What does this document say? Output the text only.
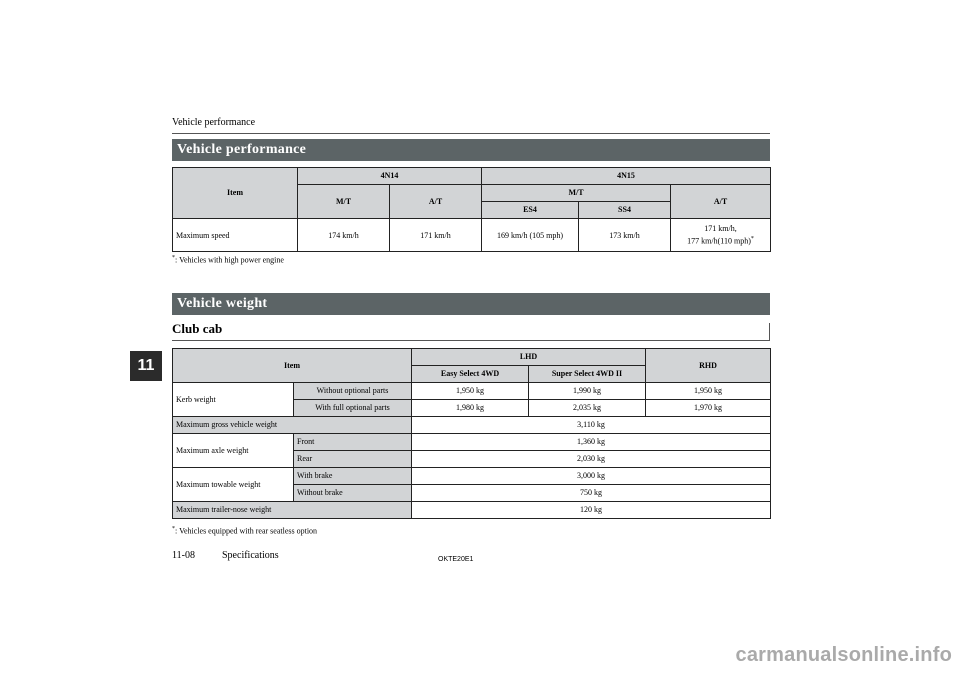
Vehicle performance
11
Vehicle performance
Item	4N14		4N15		
	M/T	A/T	M/T		A/T
			ES4	SS4	
Maximum speed	174 km/h	171 km/h	169 km/h (105 mph)	173 km/h	171 km/h,
177 km/h(110 mph)*
*: Vehicles with high power engine
Vehicle weight
Club cab
Item		LHD		RHD
		Easy Select 4WD	Super Select 4WD II	
Kerb weight	Without optional parts	1,950 kg	1,990 kg	1,950 kg
	With full optional parts	1,980 kg	2,035 kg	1,970 kg
Maximum gross vehicle weight		3,110 kg		
Maximum axle weight	Front	1,360 kg		
	Rear	2,030 kg		
Maximum towable weight	With brake	3,000 kg		
	Without brake	750 kg		
Maximum trailer-nose weight		120 kg		
*: Vehicles equipped with rear seatless option
11-08	Specifications	OKTE20E1
carmanualsonline.info
